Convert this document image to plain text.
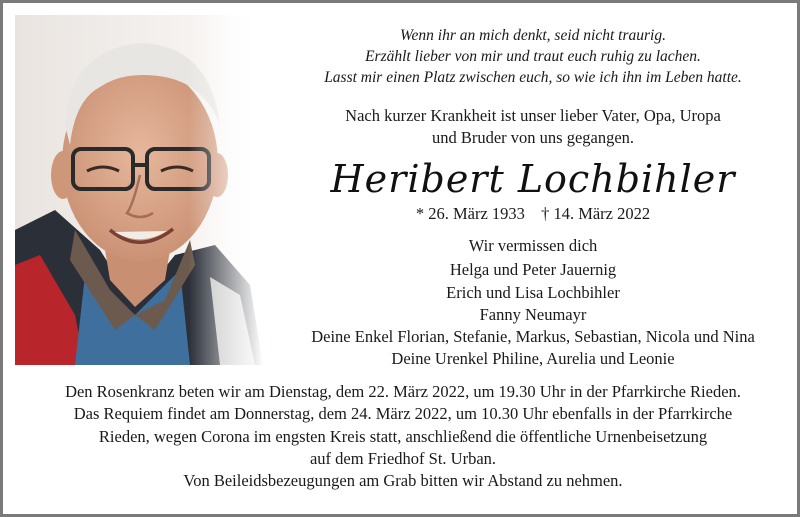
Wenn ihr an mich denkt, seid nicht traurig.
Erzählt lieber von mir und traut euch ruhig zu lachen.
Lasst mir einen Platz zwischen euch, so wie ich ihn im Leben hatte.
Nach kurzer Krankheit ist unser lieber Vater, Opa, Uropa
und Bruder von uns gegangen.
Heribert Lochbihler
* 26. März 1933 † 14. März 2022
Wir vermissen dich
Helga und Peter Jauernig
Erich und Lisa Lochbihler
Fanny Neumayr
Deine Enkel Florian, Stefanie, Markus, Sebastian, Nicola und Nina
Deine Urenkel Philine, Aurelia und Leonie
Den Rosenkranz beten wir am Dienstag, dem 22. März 2022, um 19.30 Uhr in der Pfarrkirche Rieden.
Das Requiem findet am Donnerstag, dem 24. März 2022, um 10.30 Uhr ebenfalls in der Pfarrkirche
Rieden, wegen Corona im engsten Kreis statt, anschließend die öffentliche Urnenbeisetzung
auf dem Friedhof St. Urban.
Von Beileidsbezeugungen am Grab bitten wir Abstand zu nehmen.
